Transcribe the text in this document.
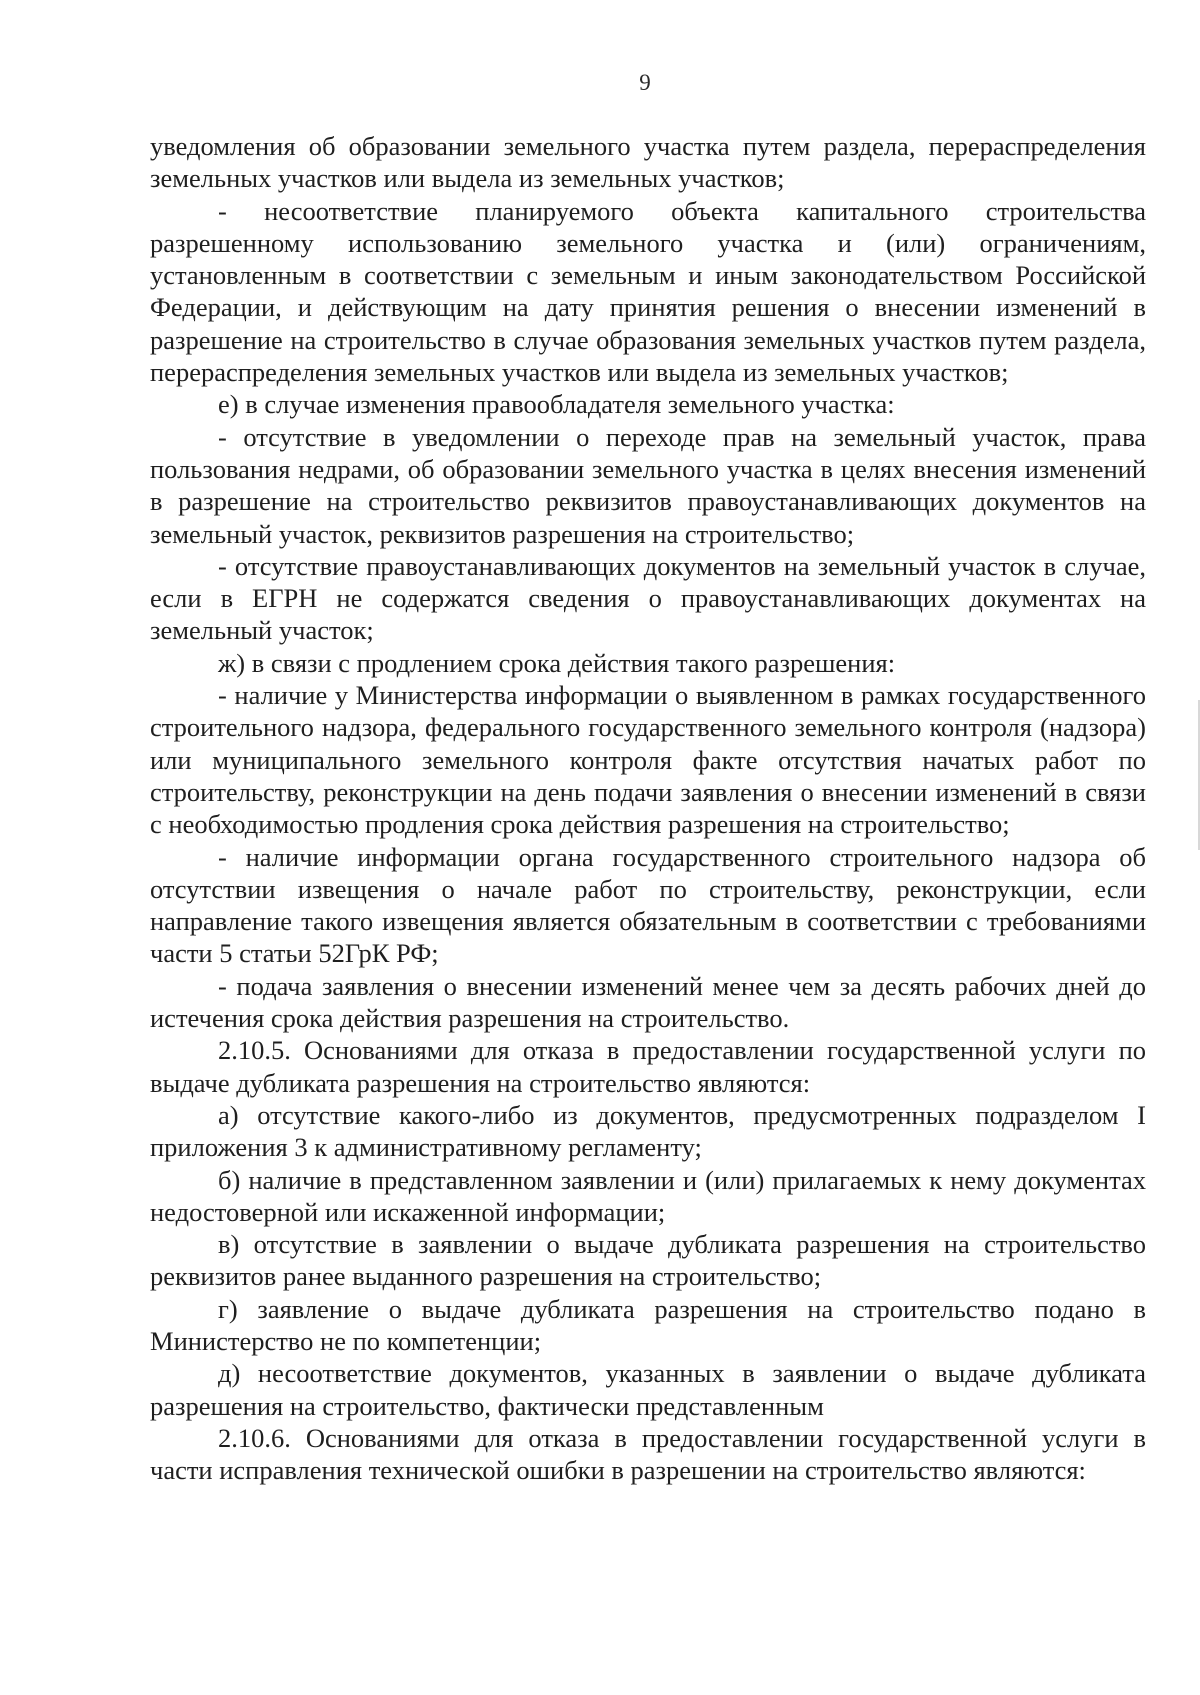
9

уведомления об образовании земельного участка путем раздела, перераспределения земельных участков или выдела из земельных участков;

- несоответствие планируемого объекта капитального строительства разрешенному использованию земельного участка и (или) ограничениям, установленным в соответствии с земельным и иным законодательством Российской Федерации, и действующим на дату принятия решения о внесении изменений в разрешение на строительство в случае образования земельных участков путем раздела, перераспределения земельных участков или выдела из земельных участков;

е) в случае изменения правообладателя земельного участка:

- отсутствие в уведомлении о переходе прав на земельный участок, права пользования недрами, об образовании земельного участка в целях внесения изменений в разрешение на строительство реквизитов правоустанавливающих документов на земельный участок, реквизитов разрешения на строительство;

- отсутствие правоустанавливающих документов на земельный участок в случае, если в ЕГРН не содержатся сведения о правоустанавливающих документах на земельный участок;

ж) в связи с продлением срока действия такого разрешения:

- наличие у Министерства информации о выявленном в рамках государственного строительного надзора, федерального государственного земельного контроля (надзора) или муниципального земельного контроля факте отсутствия начатых работ по строительству, реконструкции на день подачи заявления о внесении изменений в связи с необходимостью продления срока действия разрешения на строительство;

- наличие информации органа государственного строительного надзора об отсутствии извещения о начале работ по строительству, реконструкции, если направление такого извещения является обязательным в соответствии с требованиями части 5 статьи 52ГрК РФ;

- подача заявления о внесении изменений менее чем за десять рабочих дней до истечения срока действия разрешения на строительство.

2.10.5. Основаниями для отказа в предоставлении государственной услуги по выдаче дубликата разрешения на строительство являются:

а) отсутствие какого-либо из документов, предусмотренных подразделом I приложения 3 к административному регламенту;

б) наличие в представленном заявлении и (или) прилагаемых к нему документах недостоверной или искаженной информации;

в) отсутствие в заявлении о выдаче дубликата разрешения на строительство реквизитов ранее выданного разрешения на строительство;

г) заявление о выдаче дубликата разрешения на строительство подано в Министерство не по компетенции;

д) несоответствие документов, указанных в заявлении о выдаче дубликата разрешения на строительство, фактически представленным

2.10.6. Основаниями для отказа в предоставлении государственной услуги в части исправления технической ошибки в разрешении на строительство являются:
